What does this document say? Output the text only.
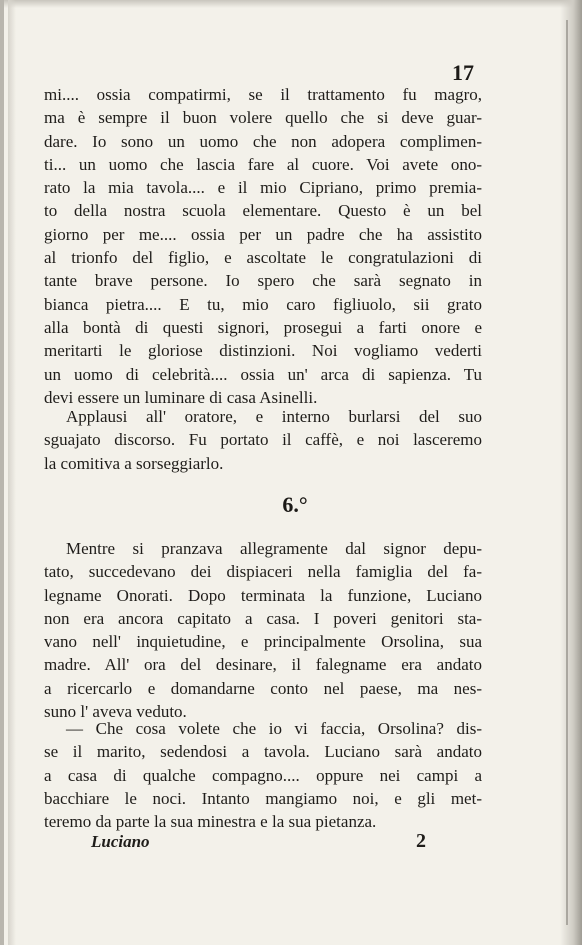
17

mi.... ossia compatirmi, se il trattamento fu magro,
ma è sempre il buon volere quello che si deve guar-
dare. Io sono un uomo che non adopera complimen-
ti... un uomo che lascia fare al cuore. Voi avete ono-
rato la mia tavola.... e il mio Cipriano, primo premia-
to della nostra scuola elementare. Questo è un bel
giorno per me.... ossia per un padre che ha assistito
al trionfo del figlio, e ascoltate le congratulazioni di
tante brave persone. Io spero che sarà segnato in
bianca pietra.... E tu, mio caro figliuolo, sii grato
alla bontà di questi signori, prosegui a farti onore e
meritarti le gloriose distinzioni. Noi vogliamo vederti
un uomo di celebrità.... ossia un' arca di sapienza. Tu
devi essere un luminare di casa Asinelli.

Applausi all' oratore, e interno burlarsi del suo
sguajato discorso. Fu portato il caffè, e noi lasceremo
la comitiva a sorseggiarlo.

6.°

Mentre si pranzava allegramente dal signor depu-
tato, succedevano dei dispiaceri nella famiglia del fa-
legname Onorati. Dopo terminata la funzione, Luciano
non era ancora capitato a casa. I poveri genitori sta-
vano nell' inquietudine, e principalmente Orsolina, sua
madre. All' ora del desinare, il falegname era andato
a ricercarlo e domandarne conto nel paese, ma nes-
suno l' aveva veduto.

— Che cosa volete che io vi faccia, Orsolina? dis-
se il marito, sedendosi a tavola. Luciano sarà andato
a casa di qualche compagno.... oppure nei campi a
bacchiare le noci. Intanto mangiamo noi, e gli met-
teremo da parte la sua minestra e la sua pietanza.

Luciano	2
